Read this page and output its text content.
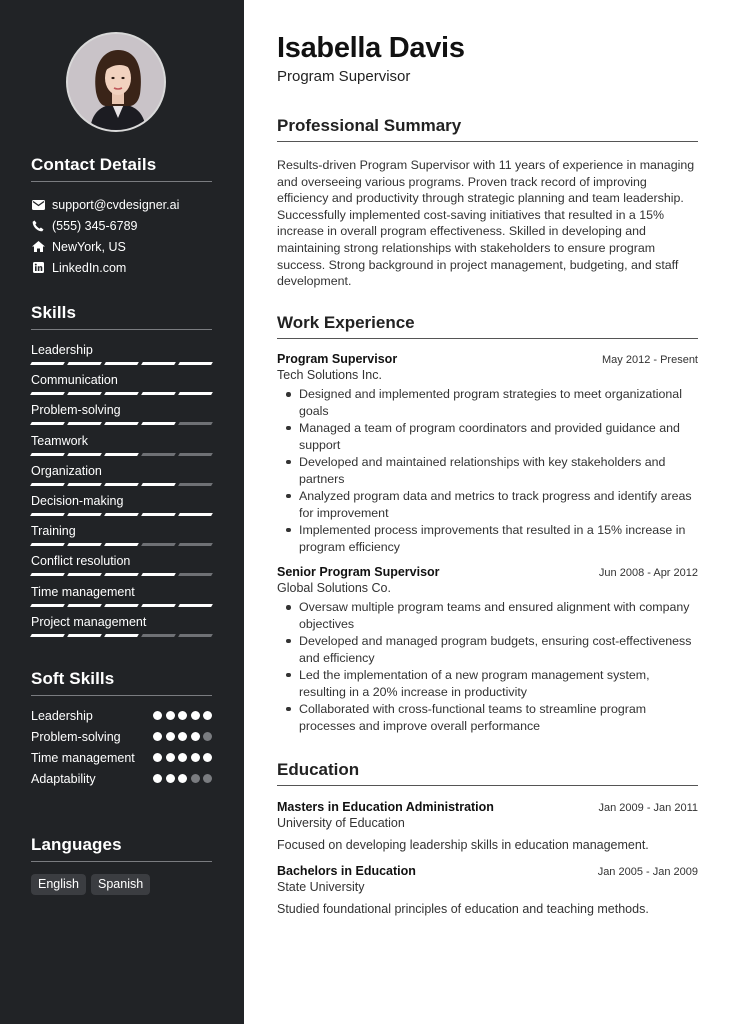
Contact Details
support@cvdesigner.ai
(555) 345-6789
NewYork, US
LinkedIn.com
Skills
Leadership
Communication
Problem-solving
Teamwork
Organization
Decision-making
Training
Conflict resolution
Time management
Project management
Soft Skills
Leadership
Problem-solving
Time management
Adaptability
Languages
English	Spanish
Isabella Davis
Program Supervisor
Professional Summary
Results-driven Program Supervisor with 11 years of experience in managing and overseeing various programs. Proven track record of improving efficiency and productivity through strategic planning and team leadership. Successfully implemented cost-saving initiatives that resulted in a 15% increase in overall program effectiveness. Skilled in developing and maintaining strong relationships with stakeholders to ensure program success. Strong background in project management, budgeting, and staff development.
Work Experience
Program Supervisor	May 2012 - Present
Tech Solutions Inc.
Designed and implemented program strategies to meet organizational goals
Managed a team of program coordinators and provided guidance and support
Developed and maintained relationships with key stakeholders and partners
Analyzed program data and metrics to track progress and identify areas for improvement
Implemented process improvements that resulted in a 15% increase in program efficiency
Senior Program Supervisor	Jun 2008 - Apr 2012
Global Solutions Co.
Oversaw multiple program teams and ensured alignment with company objectives
Developed and managed program budgets, ensuring cost-effectiveness and efficiency
Led the implementation of a new program management system, resulting in a 20% increase in productivity
Collaborated with cross-functional teams to streamline program processes and improve overall performance
Education
Masters in Education Administration	Jan 2009 - Jan 2011
University of Education
Focused on developing leadership skills in education management.
Bachelors in Education	Jan 2005 - Jan 2009
State University
Studied foundational principles of education and teaching methods.
